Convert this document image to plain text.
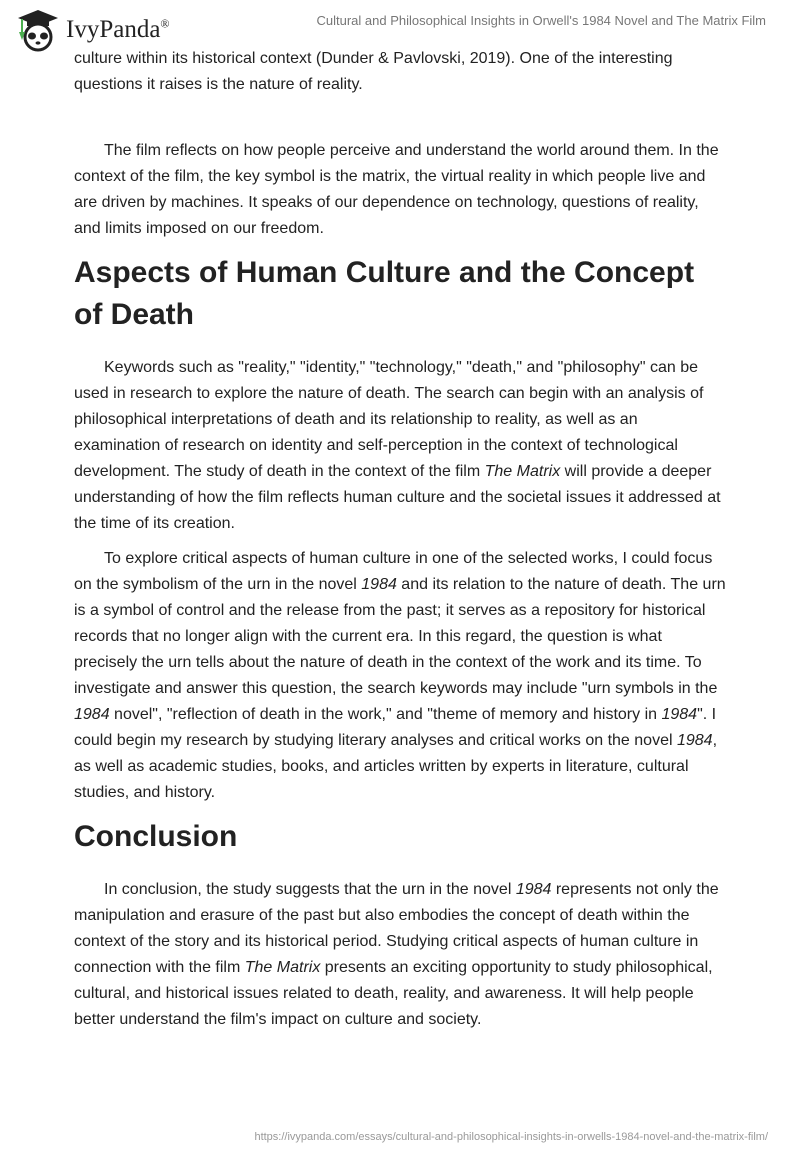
IvyPanda®	Cultural and Philosophical Insights in Orwell's 1984 Novel and The Matrix Film

culture within its historical context (Dunder & Pavlovski, 2019). One of the interesting questions it raises is the nature of reality.

The film reflects on how people perceive and understand the world around them. In the context of the film, the key symbol is the matrix, the virtual reality in which people live and are driven by machines. It speaks of our dependence on technology, questions of reality, and limits imposed on our freedom.

Aspects of Human Culture and the Concept of Death

Keywords such as "reality," "identity," "technology," "death," and "philosophy" can be used in research to explore the nature of death. The search can begin with an analysis of philosophical interpretations of death and its relationship to reality, as well as an examination of research on identity and self-perception in the context of technological development. The study of death in the context of the film The Matrix will provide a deeper understanding of how the film reflects human culture and the societal issues it addressed at the time of its creation.

To explore critical aspects of human culture in one of the selected works, I could focus on the symbolism of the urn in the novel 1984 and its relation to the nature of death. The urn is a symbol of control and the release from the past; it serves as a repository for historical records that no longer align with the current era. In this regard, the question is what precisely the urn tells about the nature of death in the context of the work and its time. To investigate and answer this question, the search keywords may include "urn symbols in the 1984 novel", "reflection of death in the work," and "theme of memory and history in 1984". I could begin my research by studying literary analyses and critical works on the novel 1984, as well as academic studies, books, and articles written by experts in literature, cultural studies, and history.

Conclusion

In conclusion, the study suggests that the urn in the novel 1984 represents not only the manipulation and erasure of the past but also embodies the concept of death within the context of the story and its historical period. Studying critical aspects of human culture in connection with the film The Matrix presents an exciting opportunity to study philosophical, cultural, and historical issues related to death, reality, and awareness. It will help people better understand the film's impact on culture and society.

https://ivypanda.com/essays/cultural-and-philosophical-insights-in-orwells-1984-novel-and-the-matrix-film/
